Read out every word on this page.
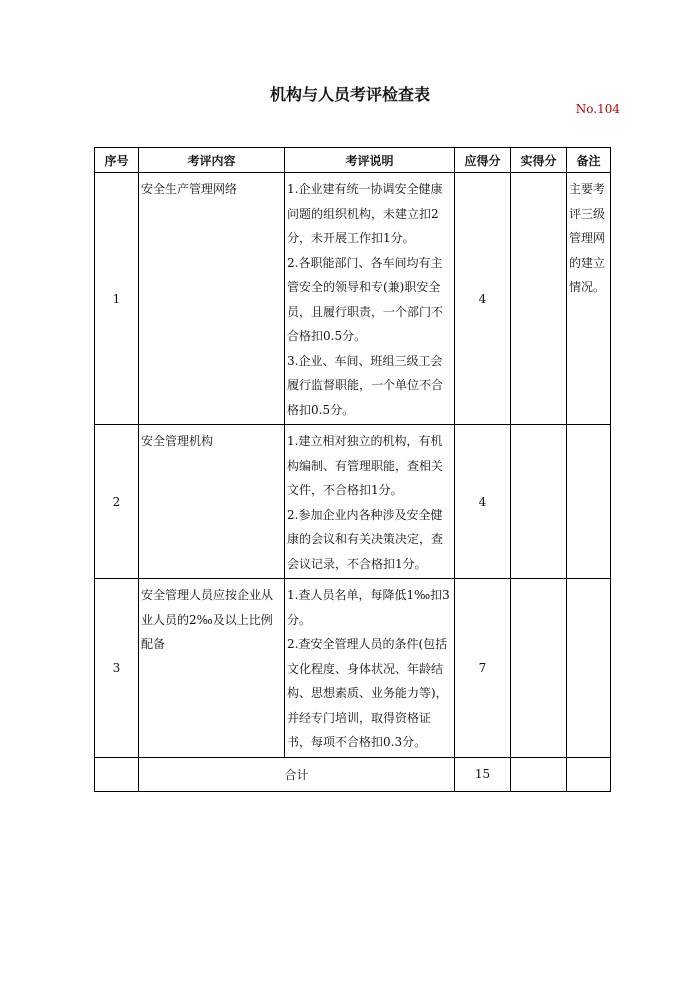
机构与人员考评检查表
No.104
序号	考评内容	考评说明	应得分	实得分	备注
1	安全生产管理网络	1.企业建有统一协调安全健康问题的组织机构，未建立扣2分，未开展工作扣1分。

2.各职能部门、各车间均有主管安全的领导和专(兼)职安全员，且履行职责，一个部门不合格扣0.5分。

3.企业、车间、班组三级工会履行监督职能，一个单位不合格扣0.5分。	4		主要考评三级管理网的建立情况。

2	安全管理机构	1.建立相对独立的机构，有机构编制、有管理职能，查相关文件，不合格扣1分。

2.参加企业内各种涉及安全健康的会议和有关决策决定，查会议记录，不合格扣1分。	4		

3	安全管理人员应按企业从业人员的2‰及以上比例配备	1.查人员名单，每降低1‰扣3分。

2.查安全管理人员的条件(包括文化程度、身体状况、年龄结构、思想素质、业务能力等)，并经专门培训，取得资格证书，每项不合格扣0.3分。	7		

	合计		15		
